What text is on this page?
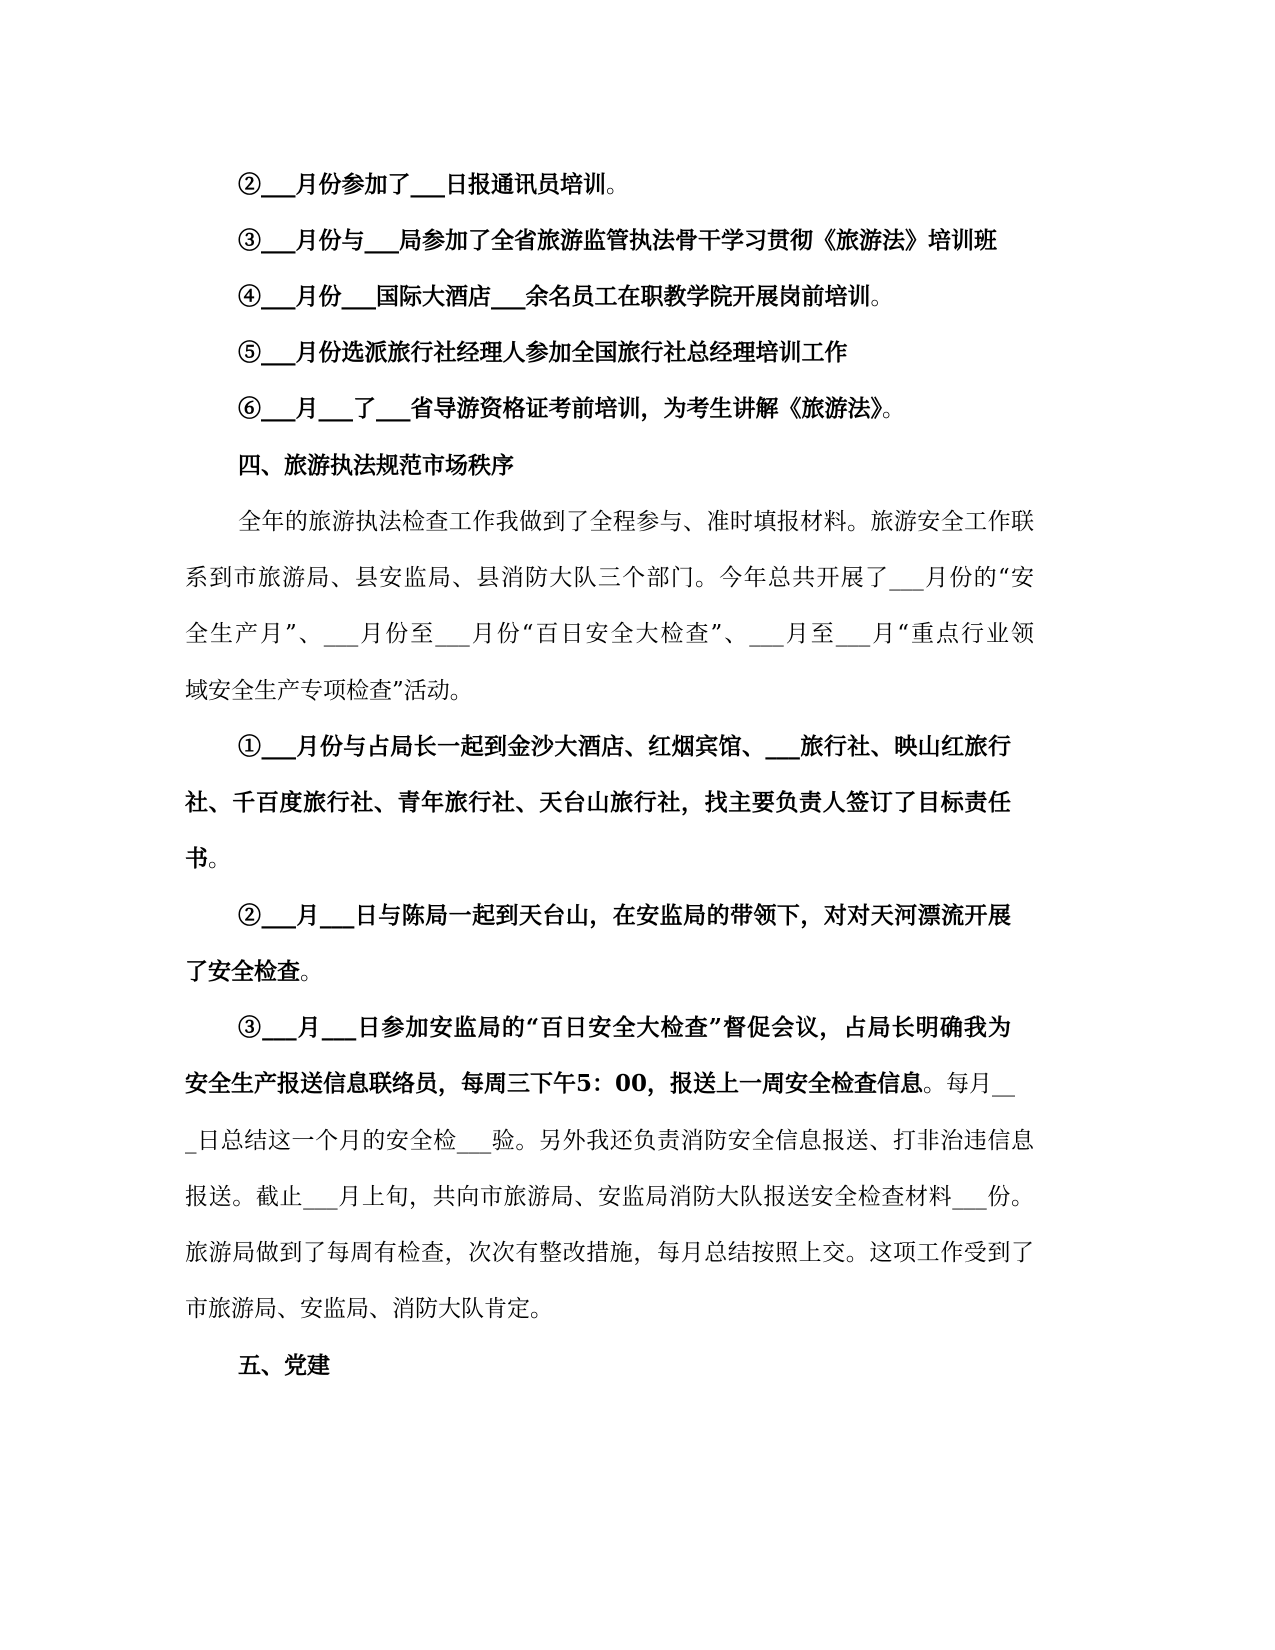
②___月份参加了___日报通讯员培训。
③___月份与___局参加了全省旅游监管执法骨干学习贯彻《旅游法》培训班
④___月份___国际大酒店___余名员工在职教学院开展岗前培训。
⑤___月份选派旅行社经理人参加全国旅行社总经理培训工作
⑥___月___了___省导游资格证考前培训，为考生讲解《旅游法》。
四、旅游执法规范市场秩序
全年的旅游执法检查工作我做到了全程参与、准时填报材料。旅游安全工作联
系到市旅游局、县安监局、县消防大队三个部门。今年总共开展了___月份的“安
全生产月”、___月份至___月份“百日安全大检查”、___月至___月“重点行业领
域安全生产专项检查”活动。
①___月份与占局长一起到金沙大酒店、红烟宾馆、___旅行社、映山红旅行
社、千百度旅行社、青年旅行社、天台山旅行社，找主要负责人签订了目标责任
书。
②___月___日与陈局一起到天台山，在安监局的带领下，对对天河漂流开展
了安全检查。
③___月___日参加安监局的“百日安全大检查”督促会议，占局长明确我为
安全生产报送信息联络员，每周三下午5：00，报送上一周安全检查信息。每月__
_日总结这一个月的安全检___验。另外我还负责消防安全信息报送、打非治违信息
报送。截止___月上旬，共向市旅游局、安监局消防大队报送安全检查材料___份。
旅游局做到了每周有检查，次次有整改措施，每月总结按照上交。这项工作受到了
市旅游局、安监局、消防大队肯定。
五、党建
